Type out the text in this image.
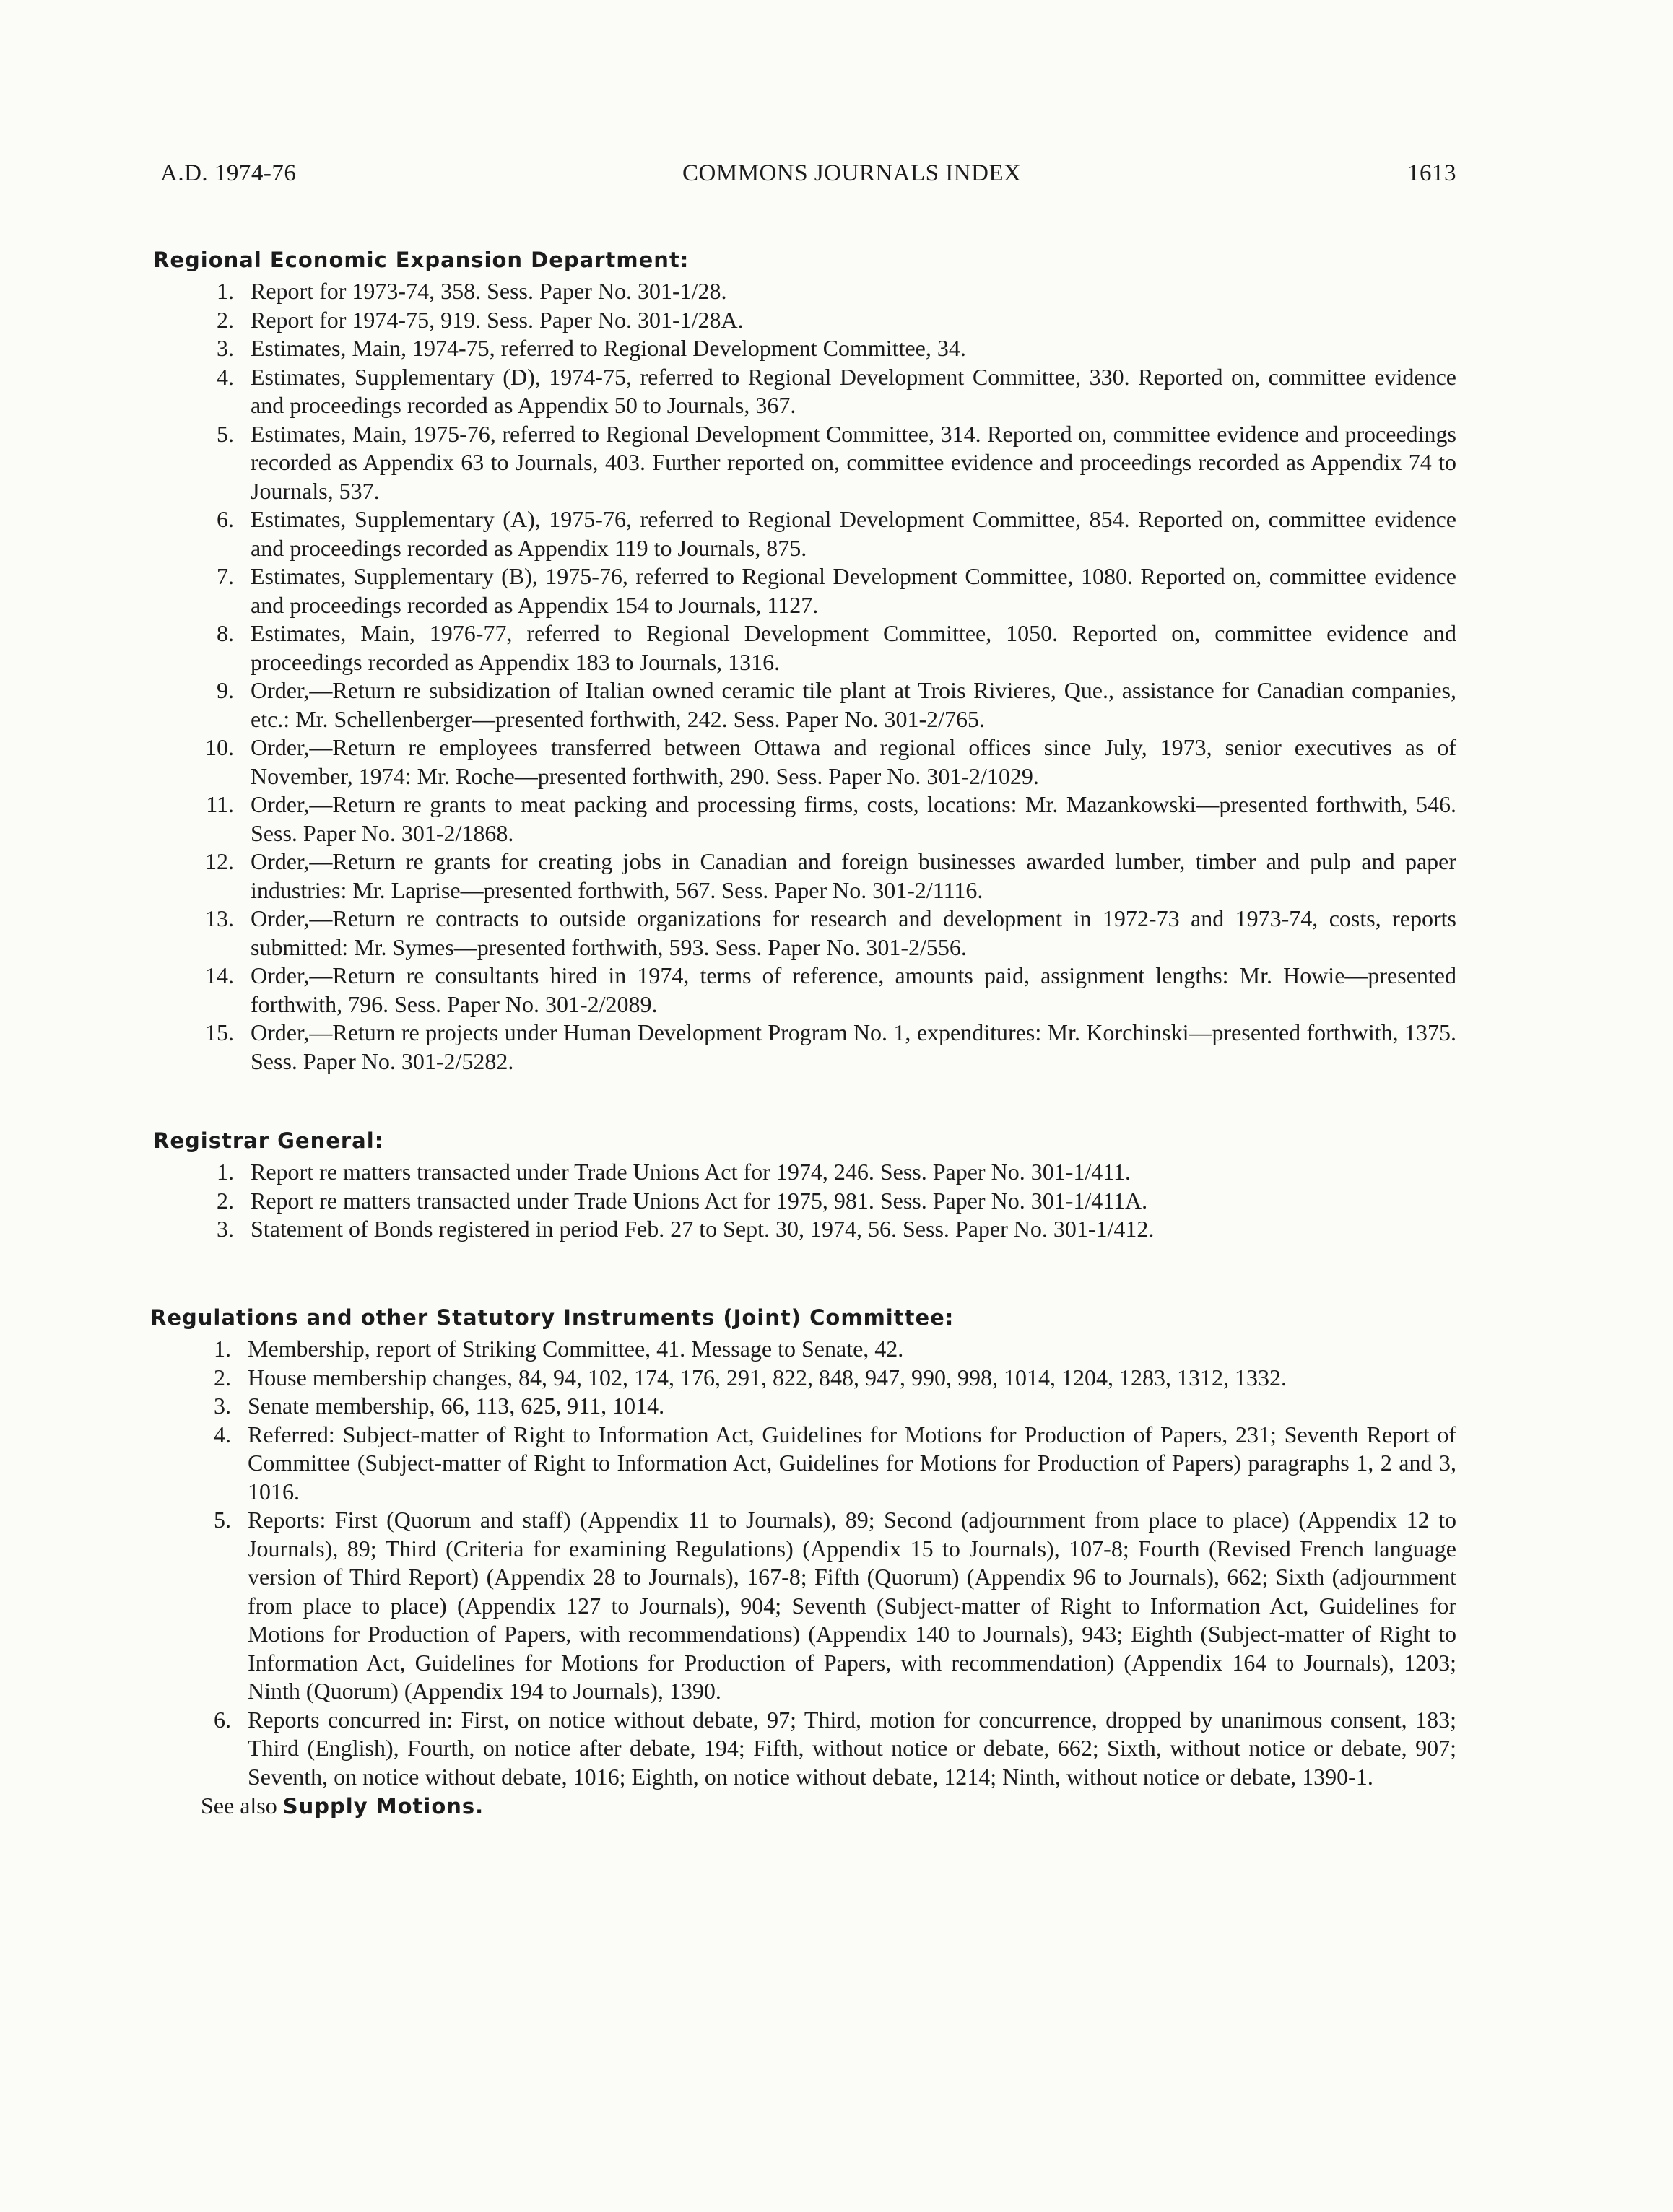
A.D. 1974-76	COMMONS JOURNALS INDEX	1613
Regional Economic Expansion Department:
1. Report for 1973-74, 358. Sess. Paper No. 301-1/28.
2. Report for 1974-75, 919. Sess. Paper No. 301-1/28A.
3. Estimates, Main, 1974-75, referred to Regional Development Committee, 34.
4. Estimates, Supplementary (D), 1974-75, referred to Regional Development Committee, 330. Reported on, committee evidence and proceedings recorded as Appendix 50 to Journals, 367.
5. Estimates, Main, 1975-76, referred to Regional Development Committee, 314. Reported on, committee evidence and proceedings recorded as Appendix 63 to Journals, 403. Further reported on, committee evidence and proceedings recorded as Appendix 74 to Journals, 537.
6. Estimates, Supplementary (A), 1975-76, referred to Regional Development Committee, 854. Reported on, committee evidence and proceedings recorded as Appendix 119 to Journals, 875.
7. Estimates, Supplementary (B), 1975-76, referred to Regional Development Committee, 1080. Reported on, committee evidence and proceedings recorded as Appendix 154 to Journals, 1127.
8. Estimates, Main, 1976-77, referred to Regional Development Committee, 1050. Reported on, committee evidence and proceedings recorded as Appendix 183 to Journals, 1316.
9. Order,—Return re subsidization of Italian owned ceramic tile plant at Trois Rivieres, Que., assistance for Canadian companies, etc.: Mr. Schellenberger—presented forthwith, 242. Sess. Paper No. 301-2/765.
10. Order,—Return re employees transferred between Ottawa and regional offices since July, 1973, senior executives as of November, 1974: Mr. Roche—presented forthwith, 290. Sess. Paper No. 301-2/1029.
11. Order,—Return re grants to meat packing and processing firms, costs, locations: Mr. Mazankowski—presented forthwith, 546. Sess. Paper No. 301-2/1868.
12. Order,—Return re grants for creating jobs in Canadian and foreign businesses awarded lumber, timber and pulp and paper industries: Mr. Laprise—presented forthwith, 567. Sess. Paper No. 301-2/1116.
13. Order,—Return re contracts to outside organizations for research and development in 1972-73 and 1973-74, costs, reports submitted: Mr. Symes—presented forthwith, 593. Sess. Paper No. 301-2/556.
14. Order,—Return re consultants hired in 1974, terms of reference, amounts paid, assignment lengths: Mr. Howie—presented forthwith, 796. Sess. Paper No. 301-2/2089.
15. Order,—Return re projects under Human Development Program No. 1, expenditures: Mr. Korchinski—presented forthwith, 1375. Sess. Paper No. 301-2/5282.
Registrar General:
1. Report re matters transacted under Trade Unions Act for 1974, 246. Sess. Paper No. 301-1/411.
2. Report re matters transacted under Trade Unions Act for 1975, 981. Sess. Paper No. 301-1/411A.
3. Statement of Bonds registered in period Feb. 27 to Sept. 30, 1974, 56. Sess. Paper No. 301-1/412.
Regulations and other Statutory Instruments (Joint) Committee:
1. Membership, report of Striking Committee, 41. Message to Senate, 42.
2. House membership changes, 84, 94, 102, 174, 176, 291, 822, 848, 947, 990, 998, 1014, 1204, 1283, 1312, 1332.
3. Senate membership, 66, 113, 625, 911, 1014.
4. Referred: Subject-matter of Right to Information Act, Guidelines for Motions for Production of Papers, 231; Seventh Report of Committee (Subject-matter of Right to Information Act, Guidelines for Motions for Production of Papers) paragraphs 1, 2 and 3, 1016.
5. Reports: First (Quorum and staff) (Appendix 11 to Journals), 89; Second (adjournment from place to place) (Appendix 12 to Journals), 89; Third (Criteria for examining Regulations) (Appendix 15 to Journals), 107-8; Fourth (Revised French language version of Third Report) (Appendix 28 to Journals), 167-8; Fifth (Quorum) (Appendix 96 to Journals), 662; Sixth (adjournment from place to place) (Appendix 127 to Journals), 904; Seventh (Subject-matter of Right to Information Act, Guidelines for Motions for Production of Papers, with recommendations) (Appendix 140 to Journals), 943; Eighth (Subject-matter of Right to Information Act, Guidelines for Motions for Production of Papers, with recommendation) (Appendix 164 to Journals), 1203; Ninth (Quorum) (Appendix 194 to Journals), 1390.
6. Reports concurred in: First, on notice without debate, 97; Third, motion for concurrence, dropped by unanimous consent, 183; Third (English), Fourth, on notice after debate, 194; Fifth, without notice or debate, 662; Sixth, without notice or debate, 907; Seventh, on notice without debate, 1016; Eighth, on notice without debate, 1214; Ninth, without notice or debate, 1390-1.
See also Supply Motions.
